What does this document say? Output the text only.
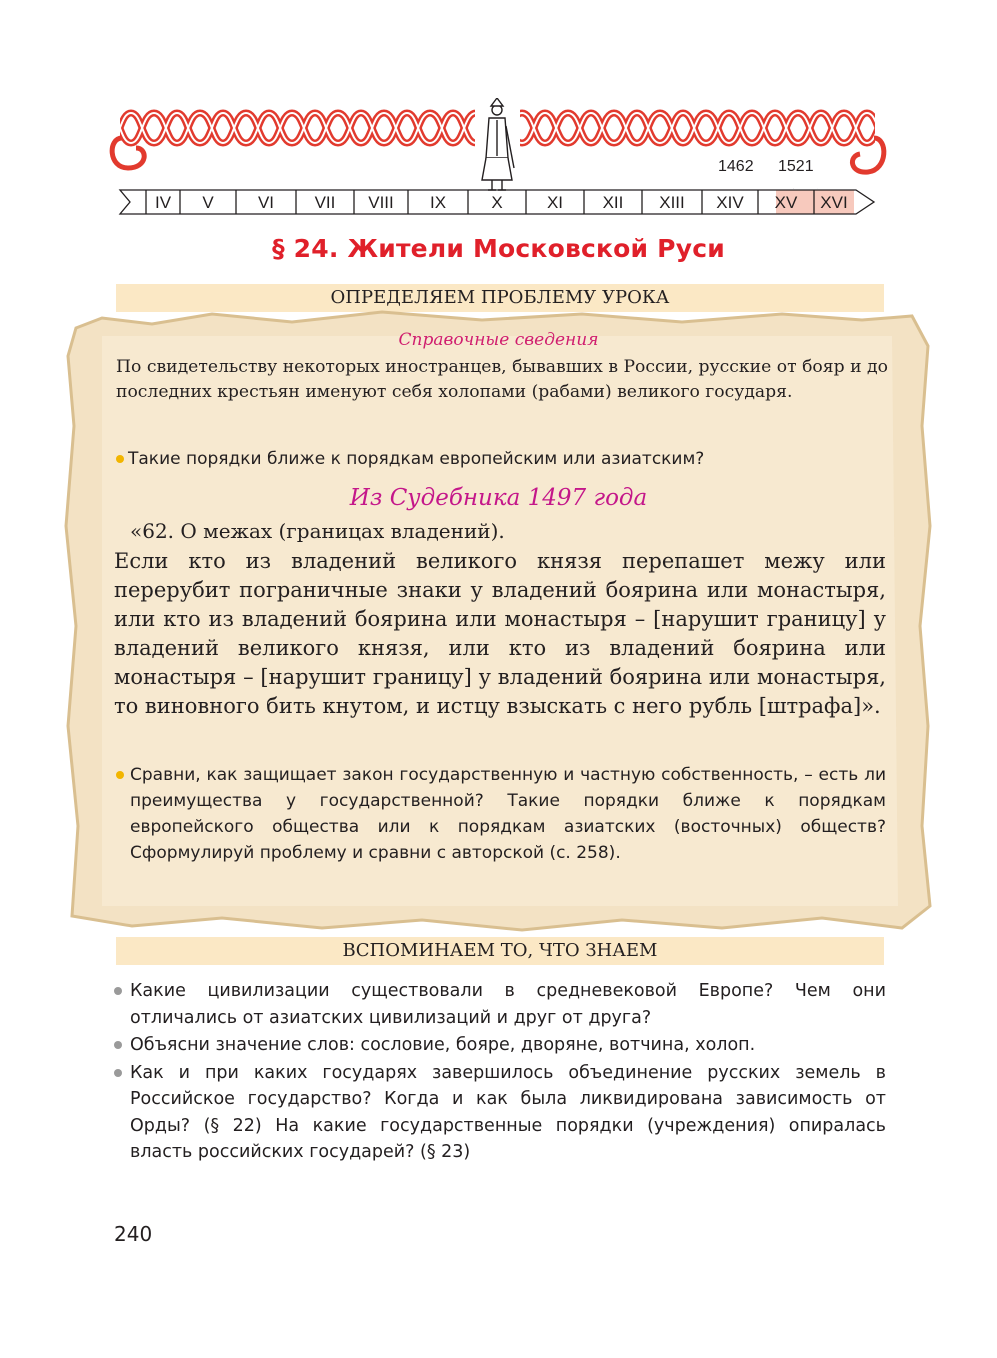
IV	V	VI	VII	VIII	IX	X	XI	XII	XIII	XIV	XV	XVI
1462 1521
§ 24. Жители Московской Руси
ОПРЕДЕЛЯЕМ ПРОБЛЕМУ УРОКА
Справочные сведения
По свидетельству некоторых иностранцев, бывавших в России, русские от бояр и до последних крестьян именуют себя холопами (рабами) великого государя.
Такие порядки ближе к порядкам европейским или азиатским?
Из Судебника 1497 года
«62. О межах (границах владений).
Если кто из владений великого князя перепашет межу или перерубит пограничные знаки у владений боярина или монастыря, или кто из владений боярина или монастыря – [нарушит границу] у владений великого князя, или кто из владений боярина или монастыря – [нарушит границу] у владений боярина или монастыря, то виновного бить кнутом, и истцу взыскать с него рубль [штрафа]».
Сравни, как защищает закон государственную и частную собственность, – есть ли преимущества у государственной? Такие порядки ближе к порядкам европейского общества или к порядкам азиатских (восточных) обществ? Сформулируй проблему и сравни с авторской (с. 258).
ВСПОМИНАЕМ ТО, ЧТО ЗНАЕМ
Какие цивилизации существовали в средневековой Европе? Чем они отличались от азиатских цивилизаций и друг от друга?
Объясни значение слов: сословие, бояре, дворяне, вотчина, холоп.
Как и при каких государях завершилось объединение русских земель в Российское государство? Когда и как была ликвидирована зависимость от Орды? (§ 22) На какие государственные порядки (учреждения) опиралась власть российских государей? (§ 23)
240
